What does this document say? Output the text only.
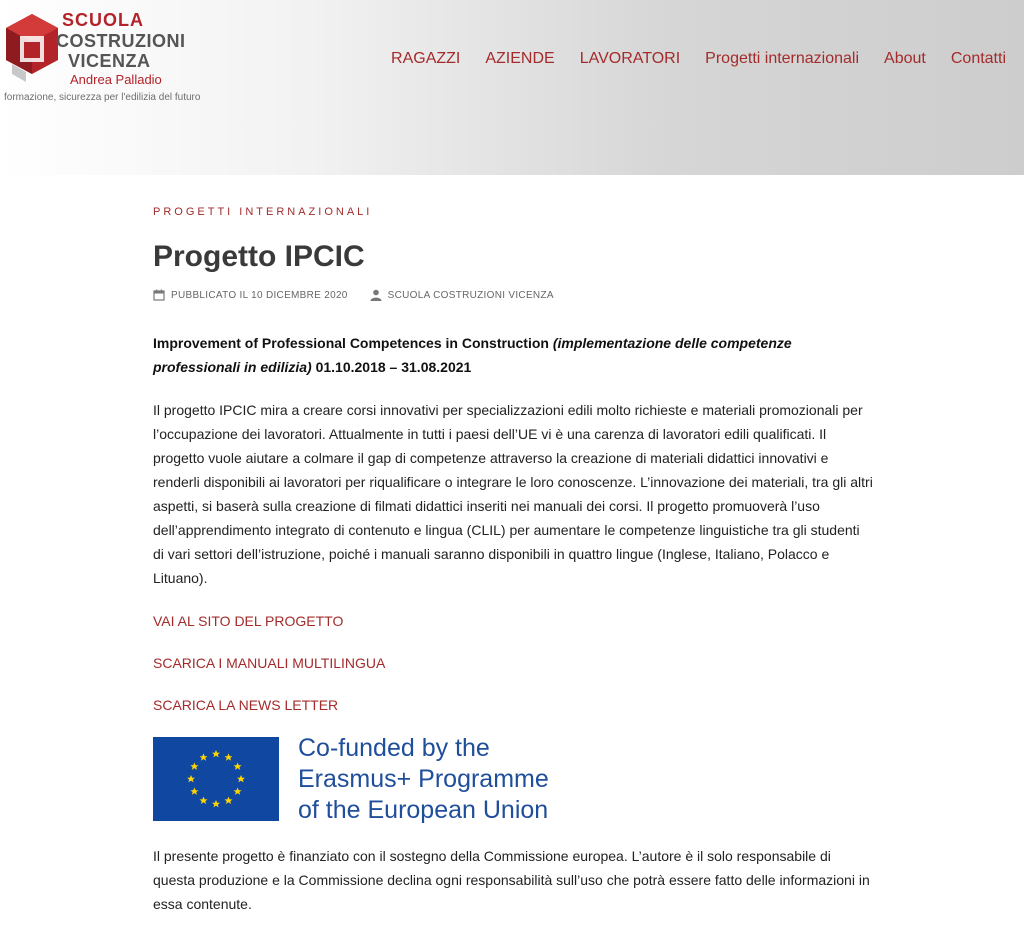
SCUOLA
COSTRUZIONI
VICENZA
Andrea Palladio
formazione, sicurezza per l'edilizia del futuro
RAGAZZI AZIENDE LAVORATORI Progetti internazionali About Contatti
PROGETTI INTERNAZIONALI
Progetto IPCIC
PUBBLICATO IL 10 DICEMBRE 2020	SCUOLA COSTRUZIONI VICENZA

Improvement of Professional Competences in Construction (implementazione delle competenze professionali in edilizia) 01.10.2018 – 31.08.2021

Il progetto IPCIC mira a creare corsi innovativi per specializzazioni edili molto richieste e materiali promozionali per l’occupazione dei lavoratori. Attualmente in tutti i paesi dell’UE vi è una carenza di lavoratori edili qualificati. Il progetto vuole aiutare a colmare il gap di competenze attraverso la creazione di materiali didattici innovativi e renderli disponibili ai lavoratori per riqualificare o integrare le loro conoscenze. L’innovazione dei materiali, tra gli altri aspetti, si baserà sulla creazione di filmati didattici inseriti nei manuali dei corsi. Il progetto promuoverà l’uso dell’apprendimento integrato di contenuto e lingua (CLIL) per aumentare le competenze linguistiche tra gli studenti di vari settori dell’istruzione, poiché i manuali saranno disponibili in quattro lingue (Inglese, Italiano, Polacco e Lituano).

VAI AL SITO DEL PROGETTO
SCARICA I MANUALI MULTILINGUA
SCARICA LA NEWS LETTER
Co-funded by the
Erasmus+ Programme
of the European Union

Il presente progetto è finanziato con il sostegno della Commissione europea. L’autore è il solo responsabile di questa produzione e la Commissione declina ogni responsabilità sull’uso che potrà essere fatto delle informazioni in essa contenute.
